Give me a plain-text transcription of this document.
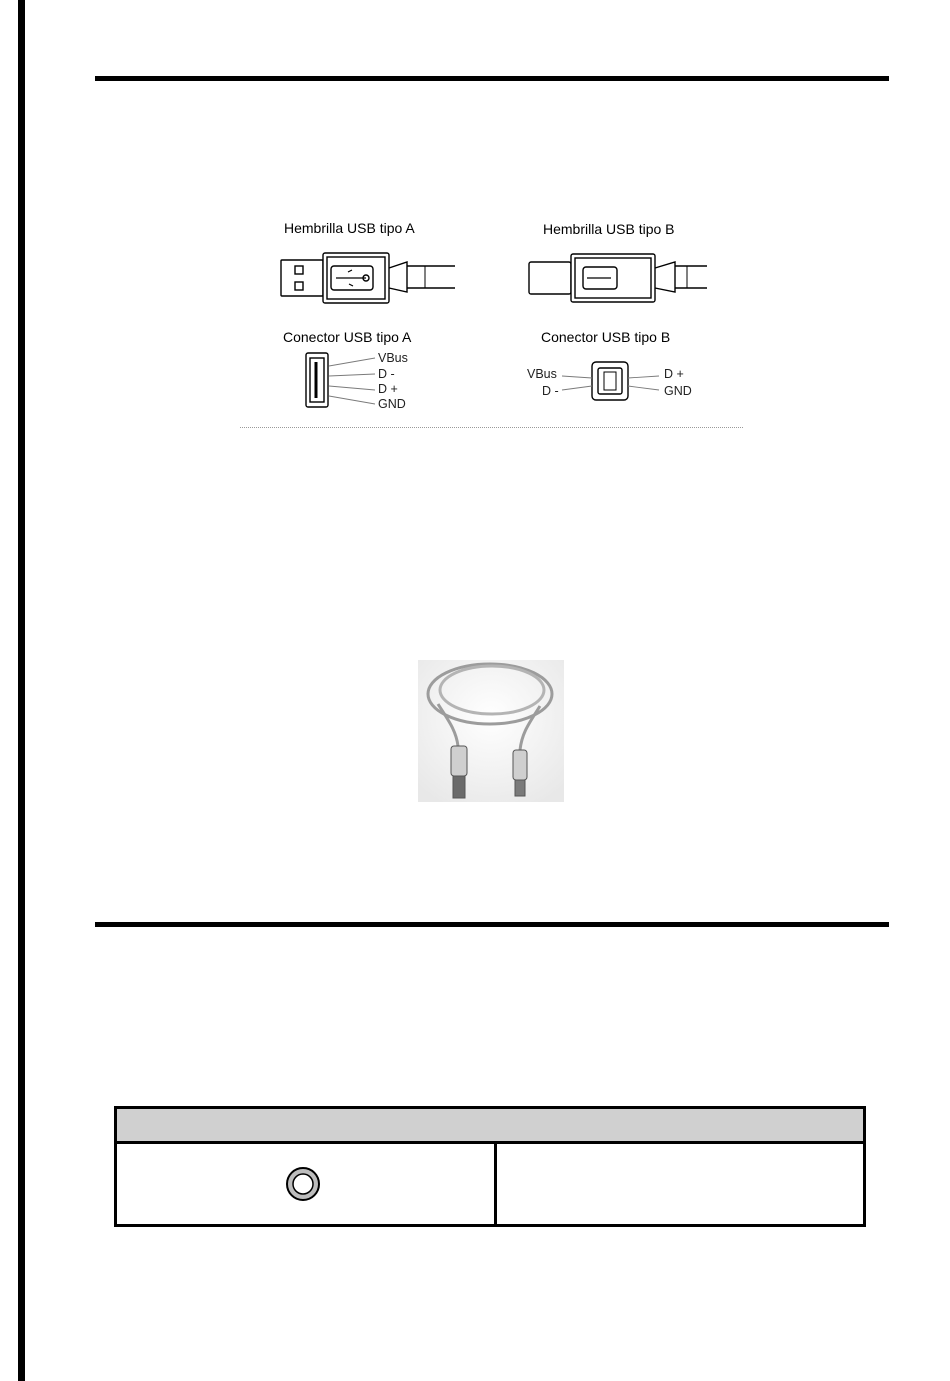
Hembrilla USB tipo A	Hembrilla USB tipo B
Conector USB tipo A	Conector USB tipo B
VBus
D -
D +
GND
VBus
D -
D +
GND
